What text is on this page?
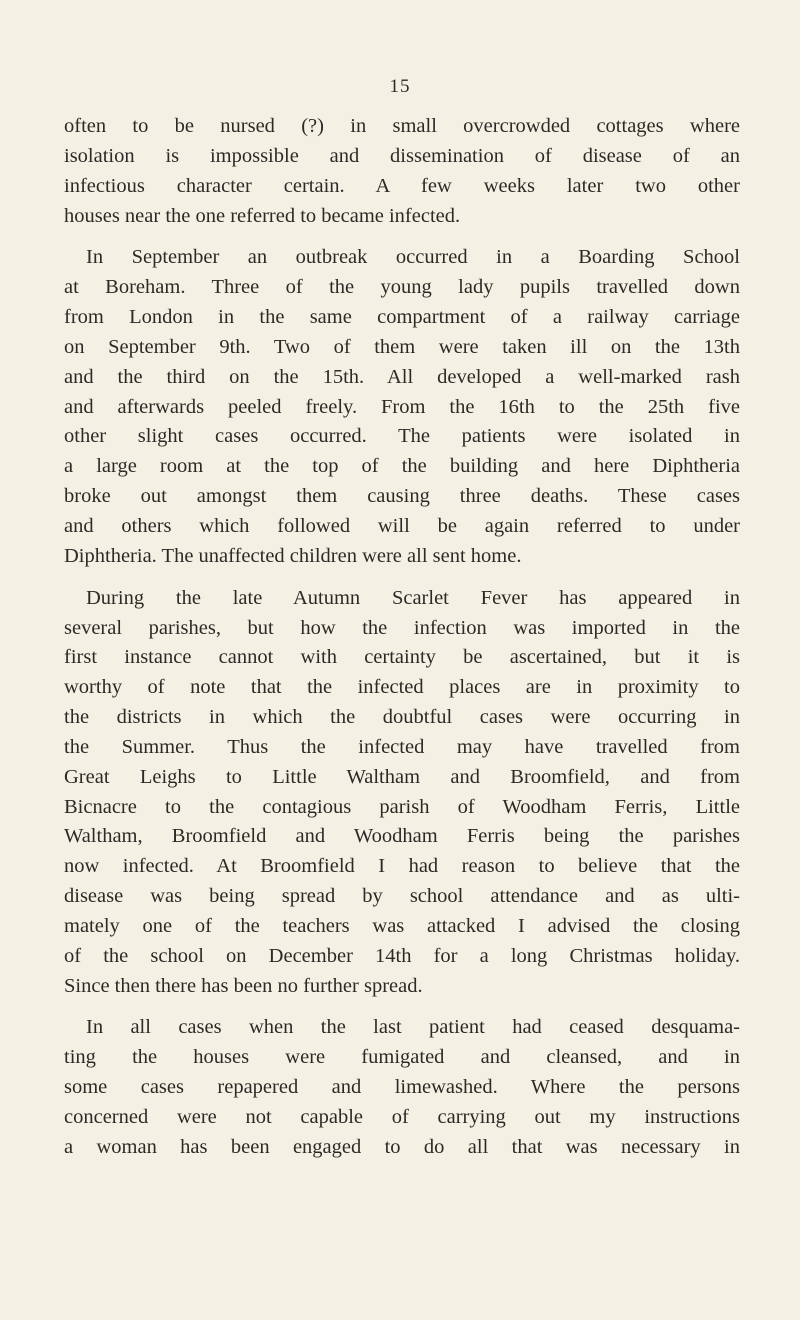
15
often to be nursed (?) in small overcrowded cottages where
isolation is impossible and dissemination of disease of an
infectious character certain. A few weeks later two other
houses near the one referred to became infected.
In September an outbreak occurred in a Boarding School
at Boreham. Three of the young lady pupils travelled down
from London in the same compartment of a railway carriage
on September 9th. Two of them were taken ill on the 13th
and the third on the 15th. All developed a well-marked rash
and afterwards peeled freely. From the 16th to the 25th five
other slight cases occurred. The patients were isolated in
a large room at the top of the building and here Diphtheria
broke out amongst them causing three deaths. These cases
and others which followed will be again referred to under
Diphtheria. The unaffected children were all sent home.
During the late Autumn Scarlet Fever has appeared in
several parishes, but how the infection was imported in the
first instance cannot with certainty be ascertained, but it is
worthy of note that the infected places are in proximity to
the districts in which the doubtful cases were occurring in
the Summer. Thus the infected may have travelled from
Great Leighs to Little Waltham and Broomfield, and from
Bicnacre to the contagious parish of Woodham Ferris, Little
Waltham, Broomfield and Woodham Ferris being the parishes
now infected. At Broomfield I had reason to believe that the
disease was being spread by school attendance and as ulti-
mately one of the teachers was attacked I advised the closing
of the school on December 14th for a long Christmas holiday.
Since then there has been no further spread.
In all cases when the last patient had ceased desquama-
ting the houses were fumigated and cleansed, and in
some cases repapered and limewashed. Where the persons
concerned were not capable of carrying out my instructions
a woman has been engaged to do all that was necessary in
